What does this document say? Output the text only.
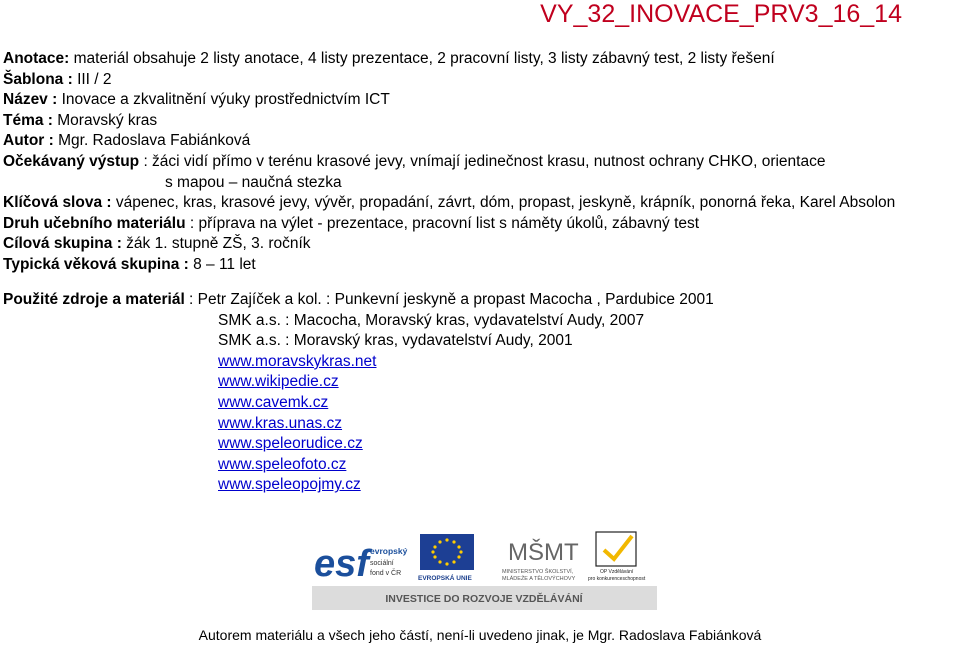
VY_32_INOVACE_PRV3_16_14
Anotace: materiál obsahuje 2 listy anotace, 4 listy prezentace, 2 pracovní listy, 3 listy zábavný test, 2 listy řešení
Šablona : III / 2
Název : Inovace a zkvalitnění výuky prostřednictvím ICT
Téma : Moravský kras
Autor : Mgr. Radoslava Fabiánková
Očekávaný výstup : žáci vidí přímo v terénu krasové jevy, vnímají jedinečnost krasu, nutnost ochrany CHKO, orientace
s mapou – naučná stezka
Klíčová slova : vápenec, kras, krasové jevy, vývěr, propadání, závrt, dóm, propast, jeskyně, krápník, ponorná řeka, Karel Absolon
Druh učebního materiálu : příprava na výlet - prezentace, pracovní list s náměty úkolů, zábavný test
Cílová skupina : žák 1. stupně ZŠ, 3. ročník
Typická věková skupina : 8 – 11 let
Použité zdroje a materiál : Petr Zajíček a kol. : Punkevní jeskyně a propast Macocha , Pardubice 2001
SMK a.s. : Macocha, Moravský kras, vydavatelství Audy, 2007
SMK a.s. : Moravský kras, vydavatelství Audy, 2001
www.moravskykras.net
www.wikipedie.cz
www.cavemk.cz
www.kras.unas.cz
www.speleorudice.cz
www.speleofoto.cz
www.speleopojmy.cz
esf evropský
sociální
fond v ČR
EVROPSKÁ UNIE
MŠMT
MINISTERSTVO ŠKOLSTVÍ,
MLÁDEŽE A TĚLOVÝCHOVY
OP Vzdělávání
pro konkurenceschopnost
INVESTICE DO ROZVOJE VZDĚLÁVÁNÍ
Autorem materiálu a všech jeho částí, není-li uvedeno jinak, je Mgr. Radoslava Fabiánková
